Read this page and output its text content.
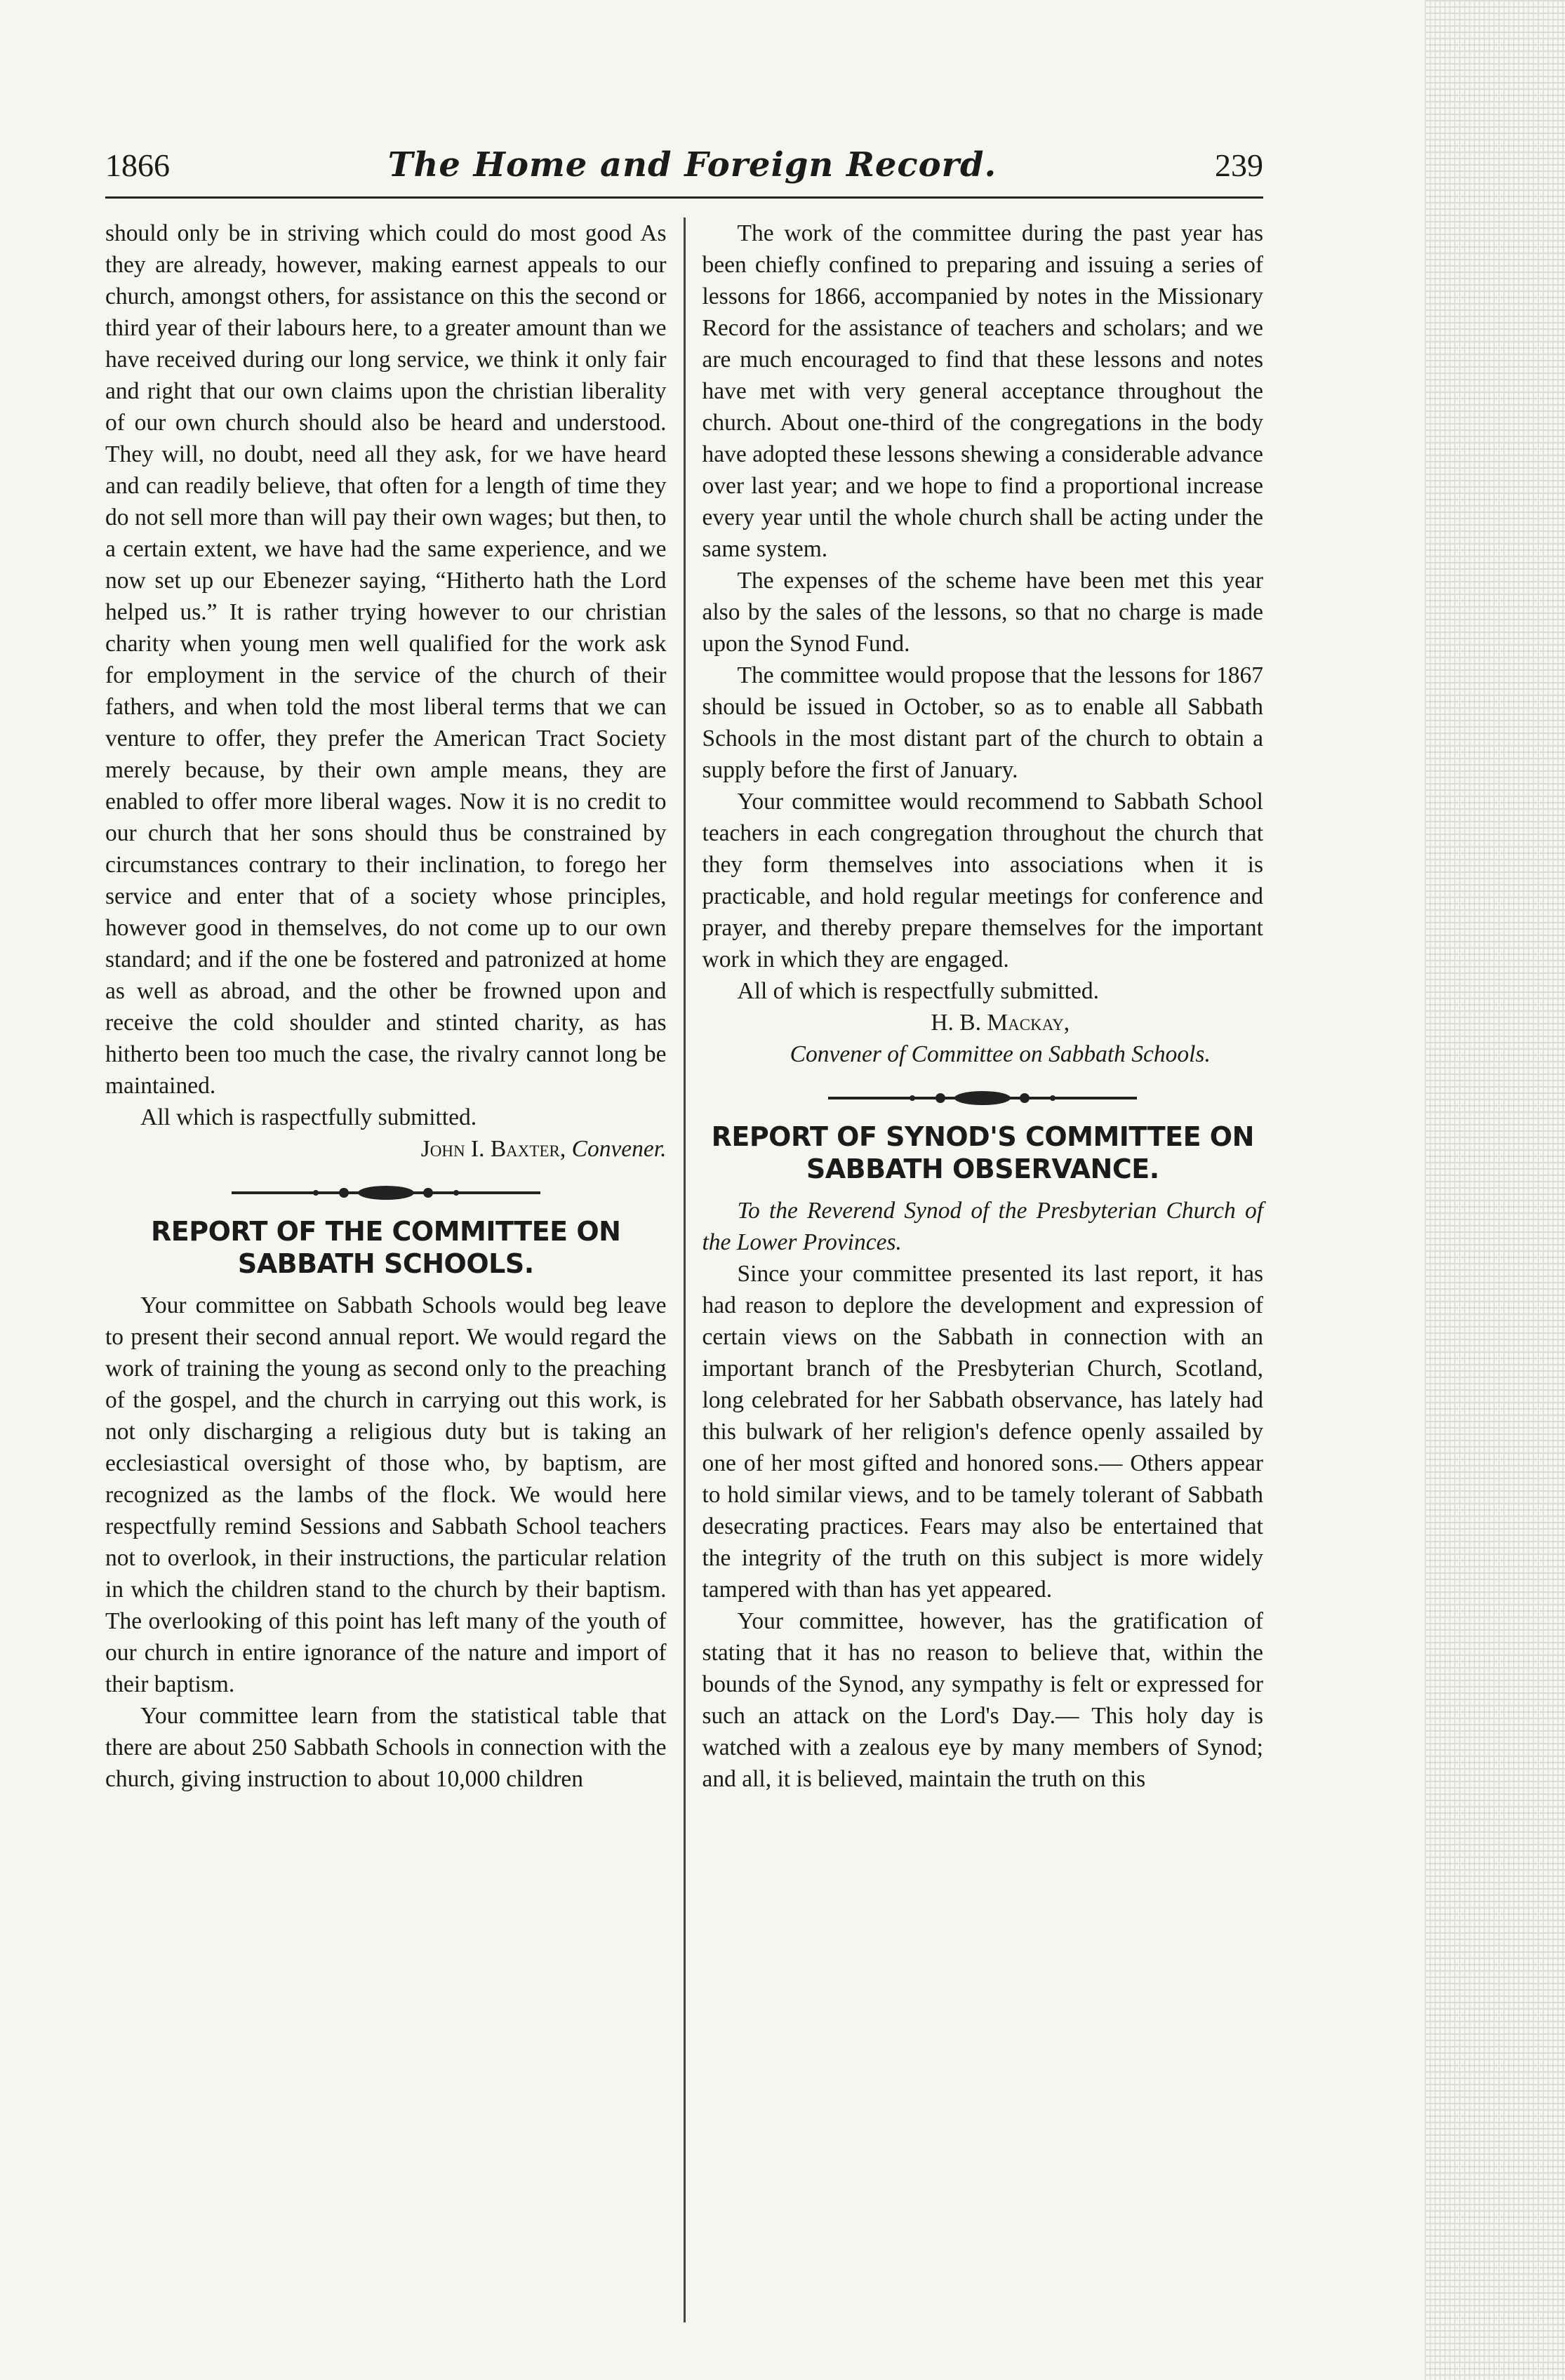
1866	The Home and Foreign Record.	239

should only be in striving which could do most good As they are already, however, making earnest appeals to our church, amongst others, for assistance on this the second or third year of their labours here, to a greater amount than we have received during our long service, we think it only fair and right that our own claims upon the christian liberality of our own church should also be heard and understood. They will, no doubt, need all they ask, for we have heard and can readily believe, that often for a length of time they do not sell more than will pay their own wages; but then, to a certain extent, we have had the same experience, and we now set up our Ebenezer saying, “Hitherto hath the Lord helped us.” It is rather trying however to our christian charity when young men well qualified for the work ask for employment in the service of the church of their fathers, and when told the most liberal terms that we can venture to offer, they prefer the American Tract Society merely because, by their own ample means, they are enabled to offer more liberal wages. Now it is no credit to our church that her sons should thus be constrained by circumstances contrary to their inclination, to forego her service and enter that of a society whose principles, however good in themselves, do not come up to our own standard; and if the one be fostered and patronized at home as well as abroad, and the other be frowned upon and receive the cold shoulder and stinted charity, as has hitherto been too much the case, the rivalry cannot long be maintained.

All which is raspectfully submitted.

John I. Baxter, Convener.

REPORT OF THE COMMITTEE ON SABBATH SCHOOLS.

Your committee on Sabbath Schools would beg leave to present their second annual report. We would regard the work of training the young as second only to the preaching of the gospel, and the church in carrying out this work, is not only discharging a religious duty but is taking an ecclesiastical oversight of those who, by baptism, are recognized as the lambs of the flock. We would here respectfully remind Sessions and Sabbath School teachers not to overlook, in their instructions, the particular relation in which the children stand to the church by their baptism. The overlooking of this point has left many of the youth of our church in entire ignorance of the nature and import of their baptism.

Your committee learn from the statistical table that there are about 250 Sabbath Schools in connection with the church, giving instruction to about 10,000 children

The work of the committee during the past year has been chiefly confined to preparing and issuing a series of lessons for 1866, accompanied by notes in the Missionary Record for the assistance of teachers and scholars; and we are much encouraged to find that these lessons and notes have met with very general acceptance throughout the church. About one-third of the congregations in the body have adopted these lessons shewing a considerable advance over last year; and we hope to find a proportional increase every year until the whole church shall be acting under the same system.

The expenses of the scheme have been met this year also by the sales of the lessons, so that no charge is made upon the Synod Fund.

The committee would propose that the lessons for 1867 should be issued in October, so as to enable all Sabbath Schools in the most distant part of the church to obtain a supply before the first of January.

Your committee would recommend to Sabbath School teachers in each congregation throughout the church that they form themselves into associations when it is practicable, and hold regular meetings for conference and prayer, and thereby prepare themselves for the important work in which they are engaged.

All of which is respectfully submitted.

H. B. Mackay,

Convener of Committee on Sabbath Schools.

REPORT OF SYNOD'S COMMITTEE ON SABBATH OBSERVANCE.

To the Reverend Synod of the Presbyterian Church of the Lower Provinces.

Since your committee presented its last report, it has had reason to deplore the development and expression of certain views on the Sabbath in connection with an important branch of the Presbyterian Church, Scotland, long celebrated for her Sabbath observance, has lately had this bulwark of her religion's defence openly assailed by one of her most gifted and honored sons.— Others appear to hold similar views, and to be tamely tolerant of Sabbath desecrating practices. Fears may also be entertained that the integrity of the truth on this subject is more widely tampered with than has yet appeared.

Your committee, however, has the gratification of stating that it has no reason to believe that, within the bounds of the Synod, any sympathy is felt or expressed for such an attack on the Lord's Day.— This holy day is watched with a zealous eye by many members of Synod; and all, it is believed, maintain the truth on this
